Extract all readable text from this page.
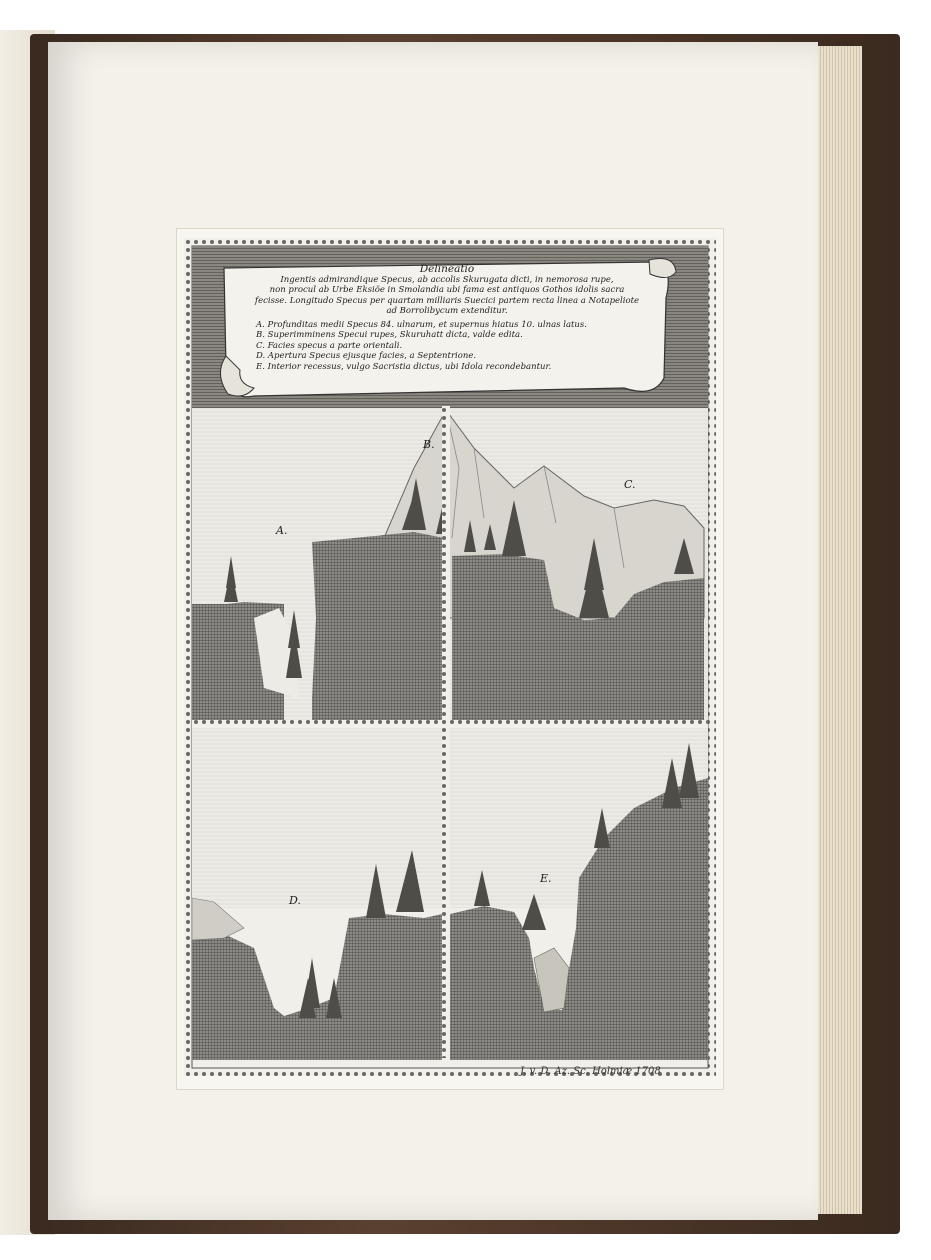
A.
B.
C.
D.
E.
Delineatio
Ingentis admirandique Specus, ab accolis Skurugata dicti, in nemorosa rupe,
non procul ab Urbe Eksiöe in Smolandia ubi fama est antiquos Gothos idolis sacra
fecisse. Longitudo Specus per quartam milliaris Suecici partem recta linea a Notapeliote
ad Borrolibycum extenditur.
A. Profunditas medii Specus 84. ulnarum, et supernus hiatus 10. ulnas latus.
B. Superimminens Specui rupes, Skuruhatt dicta, valde edita.
C. Facies specus a parte orientali.
D. Apertura Specus ejusque facies, a Septentrione.
E. Interior recessus, vulgo Sacristia dictus, ubi Idola recondebantur.
J. v. D. Az. Sc. Holmiæ 1708
